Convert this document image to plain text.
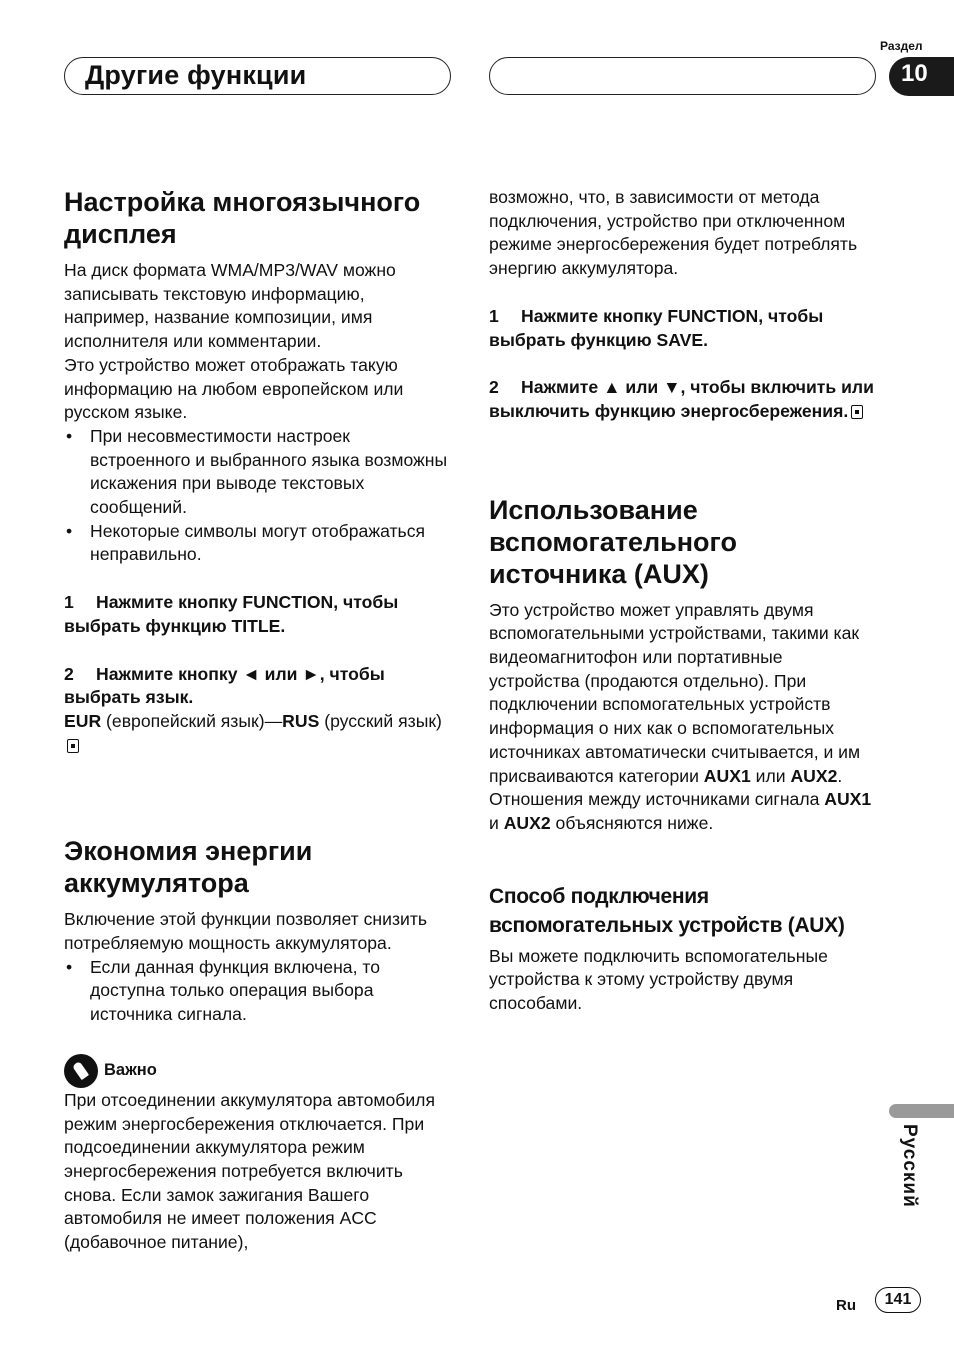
Другие функции
Раздел
10
Настройка многоязычного дисплея

На диск формата WMA/MP3/WAV можно записывать текстовую информацию, например, название композиции, имя исполнителя или комментарии.

Это устройство может отображать такую информацию на любом европейском или русском языке.

• При несовместимости настроек встроенного и выбранного языка возможны искажения при выводе текстовых сообщений.
• Некоторые символы могут отображаться неправильно.

1 Нажмите кнопку FUNCTION, чтобы выбрать функцию TITLE.

2 Нажмите кнопку ◄ или ►, чтобы выбрать язык.

EUR (европейский язык)—RUS (русский язык)

Экономия энергии аккумулятора

Включение этой функции позволяет снизить потребляемую мощность аккумулятора.

• Если данная функция включена, то доступна только операция выбора источника сигнала.
Важно

При отсоединении аккумулятора автомобиля режим энергосбережения отключается. При подсоединении аккумулятора режим энергосбережения потребуется включить снова. Если замок зажигания Вашего автомобиля не имеет положения ACC (добавочное питание),

возможно, что, в зависимости от метода подключения, устройство при отключенном режиме энергосбережения будет потреблять энергию аккумулятора.

1 Нажмите кнопку FUNCTION, чтобы выбрать функцию SAVE.

2 Нажмите ▲ или ▼, чтобы включить или выключить функцию энергосбережения.

Использование вспомогательного источника (AUX)

Это устройство может управлять двумя вспомогательными устройствами, такими как видеомагнитофон или портативные устройства (продаются отдельно). При подключении вспомогательных устройств информация о них как о вспомогательных источниках автоматически считывается, и им присваиваются категории AUX1 или AUX2. Отношения между источниками сигнала AUX1 и AUX2 объясняются ниже.

Способ подключения вспомогательных устройств (AUX)

Вы можете подключить вспомогательные устройства к этому устройству двумя способами.

Русский
Ru	141
